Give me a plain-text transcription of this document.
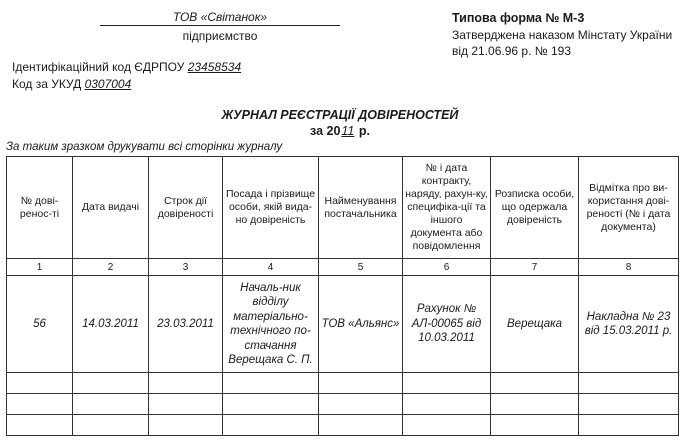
ТОВ «Світанок»
підприємство
Ідентифікаційний код ЄДРПОУ 23458534
Код за УКУД 0307004
Типова форма № М-3
Затверджена наказом Мінстату України
від 21.06.96 р. № 193
ЖУРНАЛ РЕЄСТРАЦІЇ ДОВІРЕНОСТЕЙ
за 2011 р.
За таким зразком друкувати всі сторінки журналу
№ дові-ренос-ті	Дата видачі	Строк дії довіреності	Посада і прізвище особи, якій вида-но довіреність	Найменування постачальника	№ і дата контракту, наряду, рахун-ку, специфіка-ції та іншого документа або повідомлення	Розписка особи, що одержала довіреність	Відмітка про ви-користання дові-реності (№ і дата документа)
1	2	3	4	5	6	7	8
56	14.03.2011	23.03.2011	Началь-ник відділу матеріально-технічного по-стачання Верещака С. П.	ТОВ «Альянс»	Рахунок № АЛ-00065 від 10.03.2011	Верещака	Накладна № 23 від 15.03.2011 р.
